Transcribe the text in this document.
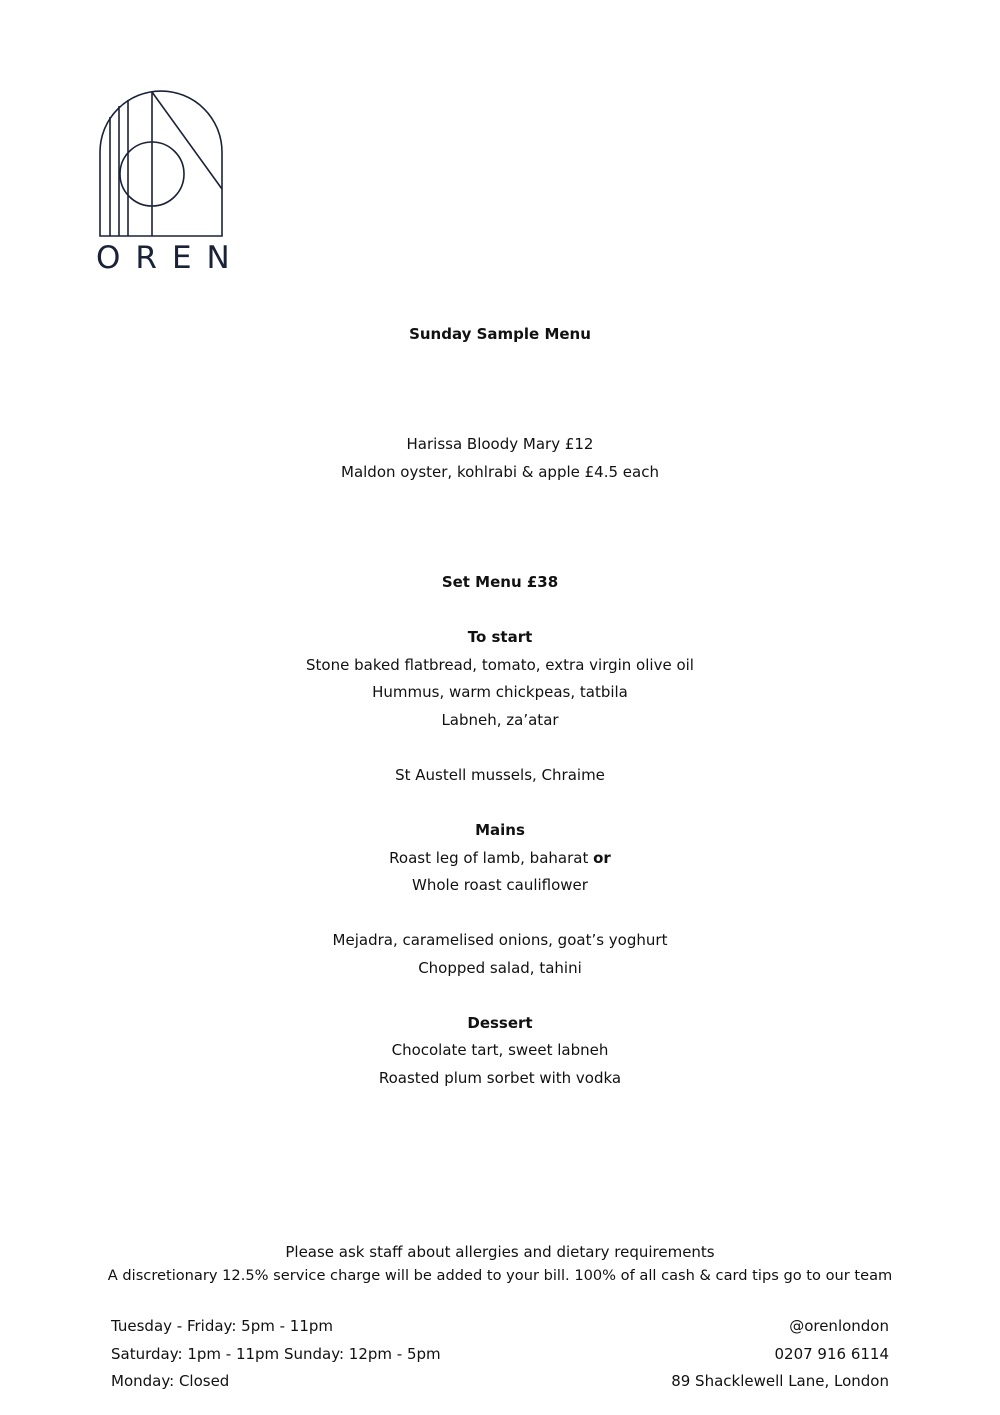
OREN
Sunday Sample Menu
Harissa Bloody Mary £12
Maldon oyster, kohlrabi & apple £4.5 each
Set Menu £38
To start
Stone baked flatbread, tomato, extra virgin olive oil
Hummus, warm chickpeas, tatbila
Labneh, za’atar
St Austell mussels, Chraime
Mains
Roast leg of lamb, baharat or
Whole roast cauliflower
Mejadra, caramelised onions, goat’s yoghurt
Chopped salad, tahini
Dessert
Chocolate tart, sweet labneh
Roasted plum sorbet with vodka
Please ask staff about allergies and dietary requirements
A discretionary 12.5% service charge will be added to your bill. 100% of all cash & card tips go to our team
Tuesday - Friday: 5pm - 11pm
Saturday: 1pm - 11pm Sunday: 12pm - 5pm
Monday: Closed
@orenlondon
0207 916 6114
89 Shacklewell Lane, London
